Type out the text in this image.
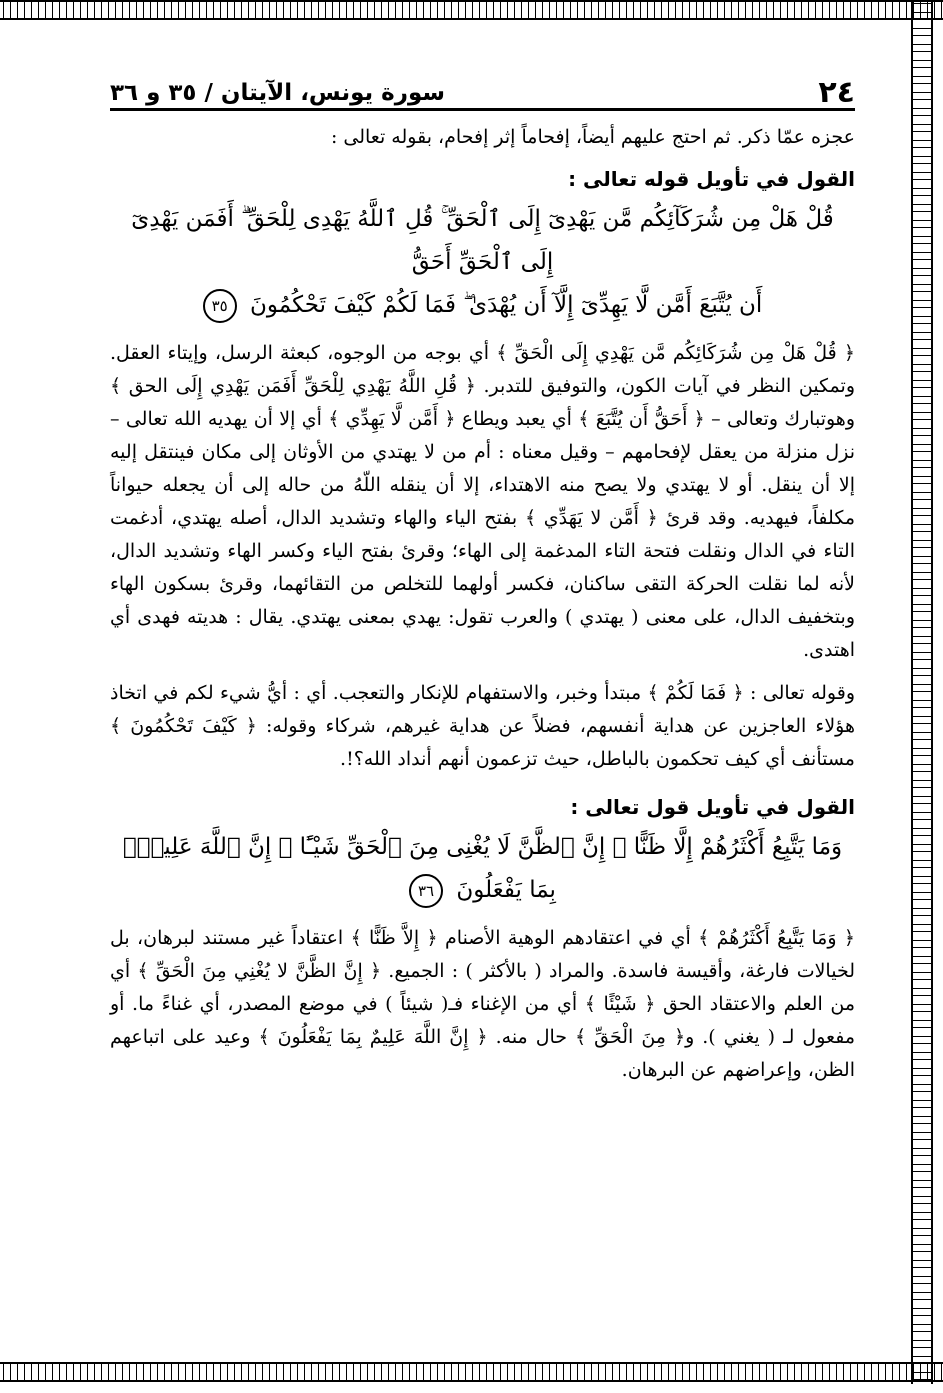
٢٤
سورة يونس، الآيتان / ٣٥ و ٣٦

عجزه عمّا ذكر. ثم احتج عليهم أيضاً، إفحاماً إثر إفحام، بقوله تعالى :

القول في تأويل قوله تعالى :
قُلْ هَلْ مِن شُرَكَآئِكُم مَّن يَهْدِىٓ إِلَى ٱلْحَقِّ ۚ قُلِ ٱللَّهُ يَهْدِى لِلْحَقِّ ۗ أَفَمَن يَهْدِىٓ إِلَى ٱلْحَقِّ أَحَقُّ
أَن يُتَّبَعَ أَمَّن لَّا يَهِدِّىٓ إِلَّآ أَن يُهْدَىٰ ۖ فَمَا لَكُمْ كَيْفَ تَحْكُمُونَ ٣٥

﴿ قُلْ هَلْ مِن شُرَكَائِكُم مَّن يَهْدِي إِلَى الْحَقِّ ﴾ أي بوجه من الوجوه، كبعثة الرسل، وإيتاء العقل. وتمكين النظر في آيات الكون، والتوفيق للتدبر. ﴿ قُلِ اللَّهُ يَهْدِي لِلْحَقِّ أَفَمَن يَهْدِي إِلَى الحق ﴾ وهوتبارك وتعالى – ﴿ أَحَقُّ أَن يُتَّبَعَ ﴾ أي يعبد ويطاع ﴿ أَمَّن لَّا يَهِدِّي ﴾ أي إلا أن يهديه الله تعالى – نزل منزلة من يعقل لإفحامهم – وقيل معناه : أم من لا يهتدي من الأوثان إلى مكان فينتقل إليه إلا أن ينقل. أو لا يهتدي ولا يصح منه الاهتداء، إلا أن ينقله اللّهُ من حاله إلى أن يجعله حيواناً مكلفاً، فيهديه. وقد قرئ ﴿ أَمَّن لا يَهَدِّي ﴾ بفتح الياء والهاء وتشديد الدال، أصله يهتدي، أدغمت التاء في الدال ونقلت فتحة التاء المدغمة إلى الهاء؛ وقرئ بفتح الياء وكسر الهاء وتشديد الدال، لأنه لما نقلت الحركة التقى ساكنان، فكسر أولهما للتخلص من التقائهما، وقرئ بسكون الهاء وبتخفيف الدال، على معنى ( يهتدي ) والعرب تقول: يهدي بمعنى يهتدي. يقال : هديته فهدى أي اهتدى.

وقوله تعالى : ﴿ فَمَا لَكُمْ ﴾ مبتدأ وخبر، والاستفهام للإنكار والتعجب. أي : أيُّ شيء لكم في اتخاذ هؤلاء العاجزين عن هداية أنفسهم، فضلاً عن هداية غيرهم، شركاء وقوله: ﴿ كَيْفَ تَحْكُمُونَ ﴾ مستأنف أي كيف تحكمون بالباطل، حيث تزعمون أنهم أنداد الله؟!.

القول في تأويل قول تعالى :
وَمَا يَتَّبِعُ أَكْثَرُهُمْ إِلَّا ظَنًّا ۚ إِنَّ ٱلظَّنَّ لَا يُغْنِى مِنَ ٱلْحَقِّ شَيْـًٔا ۚ إِنَّ ٱللَّهَ عَلِيمٌۢ بِمَا يَفْعَلُونَ ٣٦

﴿ وَمَا يَتَّبِعُ أَكْثَرُهُمْ ﴾ أي في اعتقادهم الوهية الأصنام ﴿ إِلاَّ ظَنًّا ﴾ اعتقاداً غير مستند لبرهان، بل لخيالات فارغة، وأقيسة فاسدة. والمراد ( بالأكثر ) : الجميع. ﴿ إِنَّ الظَّنَّ لا يُغْنِي مِنَ الْحَقِّ ﴾ أي من العلم والاعتقاد الحق ﴿ شَيْئًا ﴾ أي من الإغناء فـ( شيئاً ) في موضع المصدر، أي غناءً ما. أو مفعول لـ ( يغني ). و﴿ مِنَ الْحَقِّ ﴾ حال منه. ﴿ إِنَّ اللَّهَ عَلِيمٌ بِمَا يَفْعَلُونَ ﴾ وعيد على اتباعهم الظن، وإعراضهم عن البرهان.
